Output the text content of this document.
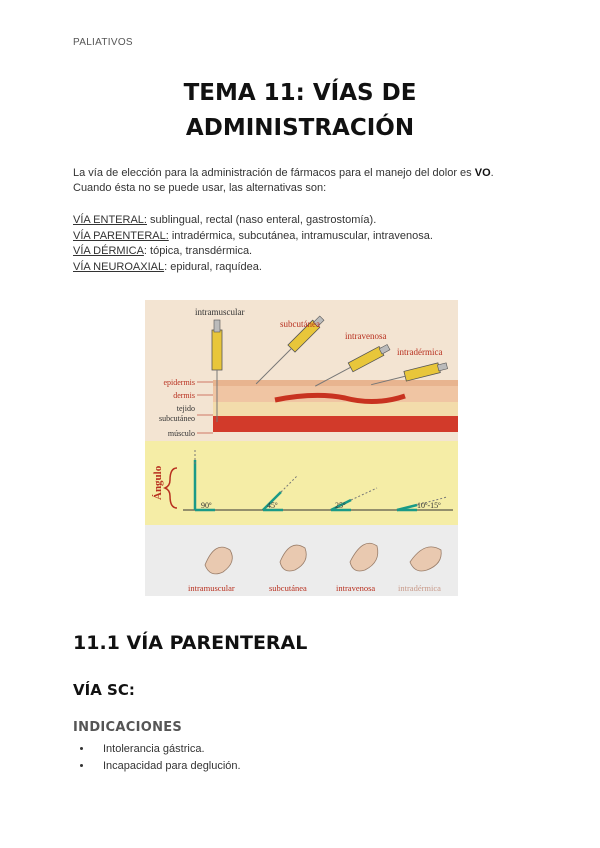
PALIATIVOS
TEMA 11: VÍAS DE
ADMINISTRACIÓN
La vía de elección para la administración de fármacos para el manejo del dolor es VO.
Cuando ésta no se puede usar, las alternativas son:
VÍA ENTERAL: sublingual, rectal (naso enteral, gastrostomía).
VÍA PARENTERAL: intradérmica, subcutánea, intramuscular, intravenosa.
VÍA DÉRMICA: tópica, transdérmica.
VÍA NEUROAXIAL: epidural, raquídea.
intramuscular
subcutánea
intravenosa
intradérmica
epidermis
dermis
tejido
subcutáneo
músculo
Ángulo
90º	45º	25º	10º-15º
intramuscular	subcutánea	intravenosa	intradérmica
11.1 VÍA PARENTERAL
VÍA SC:
INDICACIONES
• Intolerancia gástrica.
• Incapacidad para deglución.
